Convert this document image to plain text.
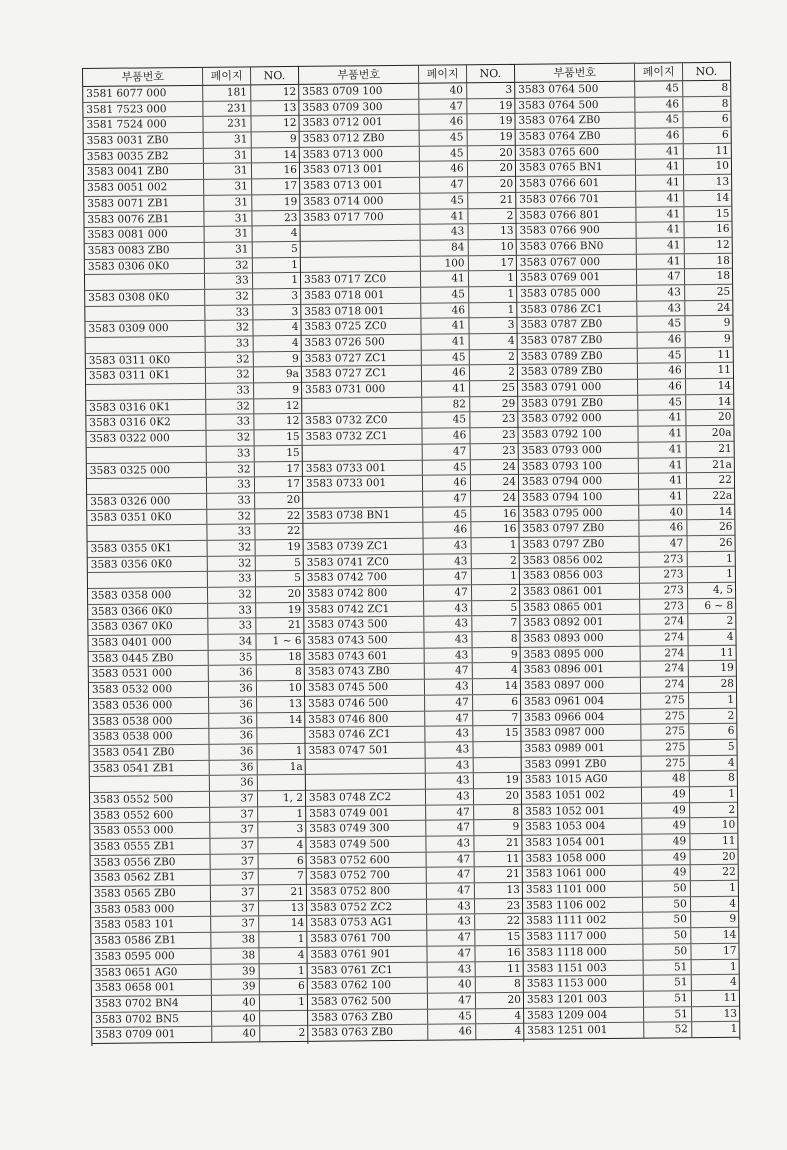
부품번호	페이지	NO.
3581 6077 000	181	12
3581 7523 000	231	13
3581 7524 000	231	12
3583 0031 ZB0	31	9
3583 0035 ZB2	31	14
3583 0041 ZB0	31	16
3583 0051 002	31	17
3583 0071 ZB1	31	19
3583 0076 ZB1	31	23
3583 0081 000	31	4
3583 0083 ZB0	31	5
3583 0306 0K0	32	1
33	1
3583 0308 0K0	32	3
33	3
3583 0309 000	32	4
33	4
3583 0311 0K0	32	9
3583 0311 0K1	32	9a
33	9
3583 0316 0K1	32	12
3583 0316 0K2	33	12
3583 0322 000	32	15
33	15
3583 0325 000	32	17
33	17
3583 0326 000	33	20
3583 0351 0K0	32	22
33	22
3583 0355 0K1	32	19
3583 0356 0K0	32	5
33	5
3583 0358 000	32	20
3583 0366 0K0	33	19
3583 0367 0K0	33	21
3583 0401 000	34	1 ~ 6
3583 0445 ZB0	35	18
3583 0531 000	36	8
3583 0532 000	36	10
3583 0536 000	36	13
3583 0538 000	36	14
3583 0538 000	36
3583 0541 ZB0	36	1
3583 0541 ZB1	36	1a
36
3583 0552 500	37	1, 2
3583 0552 600	37	1
3583 0553 000	37	3
3583 0555 ZB1	37	4
3583 0556 ZB0	37	6
3583 0562 ZB1	37	7
3583 0565 ZB0	37	21
3583 0583 000	37	13
3583 0583 101	37	14
3583 0586 ZB1	38	1
3583 0595 000	38	4
3583 0651 AG0	39	1
3583 0658 001	39	6
3583 0702 BN4	40	1
3583 0702 BN5	40
3583 0709 001	40	2
부품번호	페이지	NO.
3583 0709 100	40	3
3583 0709 300	47	19
3583 0712 001	46	19
3583 0712 ZB0	45	19
3583 0713 000	45	20
3583 0713 001	46	20
3583 0713 001	47	20
3583 0714 000	45	21
3583 0717 700	41	2
43	13
84	10
100	17
3583 0717 ZC0	41	1
3583 0718 001	45	1
3583 0718 001	46	1
3583 0725 ZC0	41	3
3583 0726 500	41	4
3583 0727 ZC1	45	2
3583 0727 ZC1	46	2
3583 0731 000	41	25
82	29
3583 0732 ZC0	45	23
3583 0732 ZC1	46	23
47	23
3583 0733 001	45	24
3583 0733 001	46	24
47	24
3583 0738 BN1	45	16
46	16
3583 0739 ZC1	43	1
3583 0741 ZC0	43	2
3583 0742 700	47	1
3583 0742 800	47	2
3583 0742 ZC1	43	5
3583 0743 500	43	7
3583 0743 500	43	8
3583 0743 601	43	9
3583 0743 ZB0	47	4
3583 0745 500	43	14
3583 0746 500	47	6
3583 0746 800	47	7
3583 0746 ZC1	43	15
3583 0747 501	43
43
43	19
3583 0748 ZC2	43	20
3583 0749 001	47	8
3583 0749 300	47	9
3583 0749 500	43	21
3583 0752 600	47	11
3583 0752 700	47	21
3583 0752 800	47	13
3583 0752 ZC2	43	23
3583 0753 AG1	43	22
3583 0761 700	47	15
3583 0761 901	47	16
3583 0761 ZC1	43	11
3583 0762 100	40	8
3583 0762 500	47	20
3583 0763 ZB0	45	4
3583 0763 ZB0	46	4
부품번호	페이지	NO.
3583 0764 500	45	8
3583 0764 500	46	8
3583 0764 ZB0	45	6
3583 0764 ZB0	46	6
3583 0765 600	41	11
3583 0765 BN1	41	10
3583 0766 601	41	13
3583 0766 701	41	14
3583 0766 801	41	15
3583 0766 900	41	16
3583 0766 BN0	41	12
3583 0767 000	41	18
3583 0769 001	47	18
3583 0785 000	43	25
3583 0786 ZC1	43	24
3583 0787 ZB0	45	9
3583 0787 ZB0	46	9
3583 0789 ZB0	45	11
3583 0789 ZB0	46	11
3583 0791 000	46	14
3583 0791 ZB0	45	14
3583 0792 000	41	20
3583 0792 100	41	20a
3583 0793 000	41	21
3583 0793 100	41	21a
3583 0794 000	41	22
3583 0794 100	41	22a
3583 0795 000	40	14
3583 0797 ZB0	46	26
3583 0797 ZB0	47	26
3583 0856 002	273	1
3583 0856 003	273	1
3583 0861 001	273	4, 5
3583 0865 001	273	6 ~ 8
3583 0892 001	274	2
3583 0893 000	274	4
3583 0895 000	274	11
3583 0896 001	274	19
3583 0897 000	274	28
3583 0961 004	275	1
3583 0966 004	275	2
3583 0987 000	275	6
3583 0989 001	275	5
3583 0991 ZB0	275	4
3583 1015 AG0	48	8
3583 1051 002	49	1
3583 1052 001	49	2
3583 1053 004	49	10
3583 1054 001	49	11
3583 1058 000	49	20
3583 1061 000	49	22
3583 1101 000	50	1
3583 1106 002	50	4
3583 1111 002	50	9
3583 1117 000	50	14
3583 1118 000	50	17
3583 1151 003	51	1
3583 1153 000	51	4
3583 1201 003	51	11
3583 1209 004	51	13
3583 1251 001	52	1
